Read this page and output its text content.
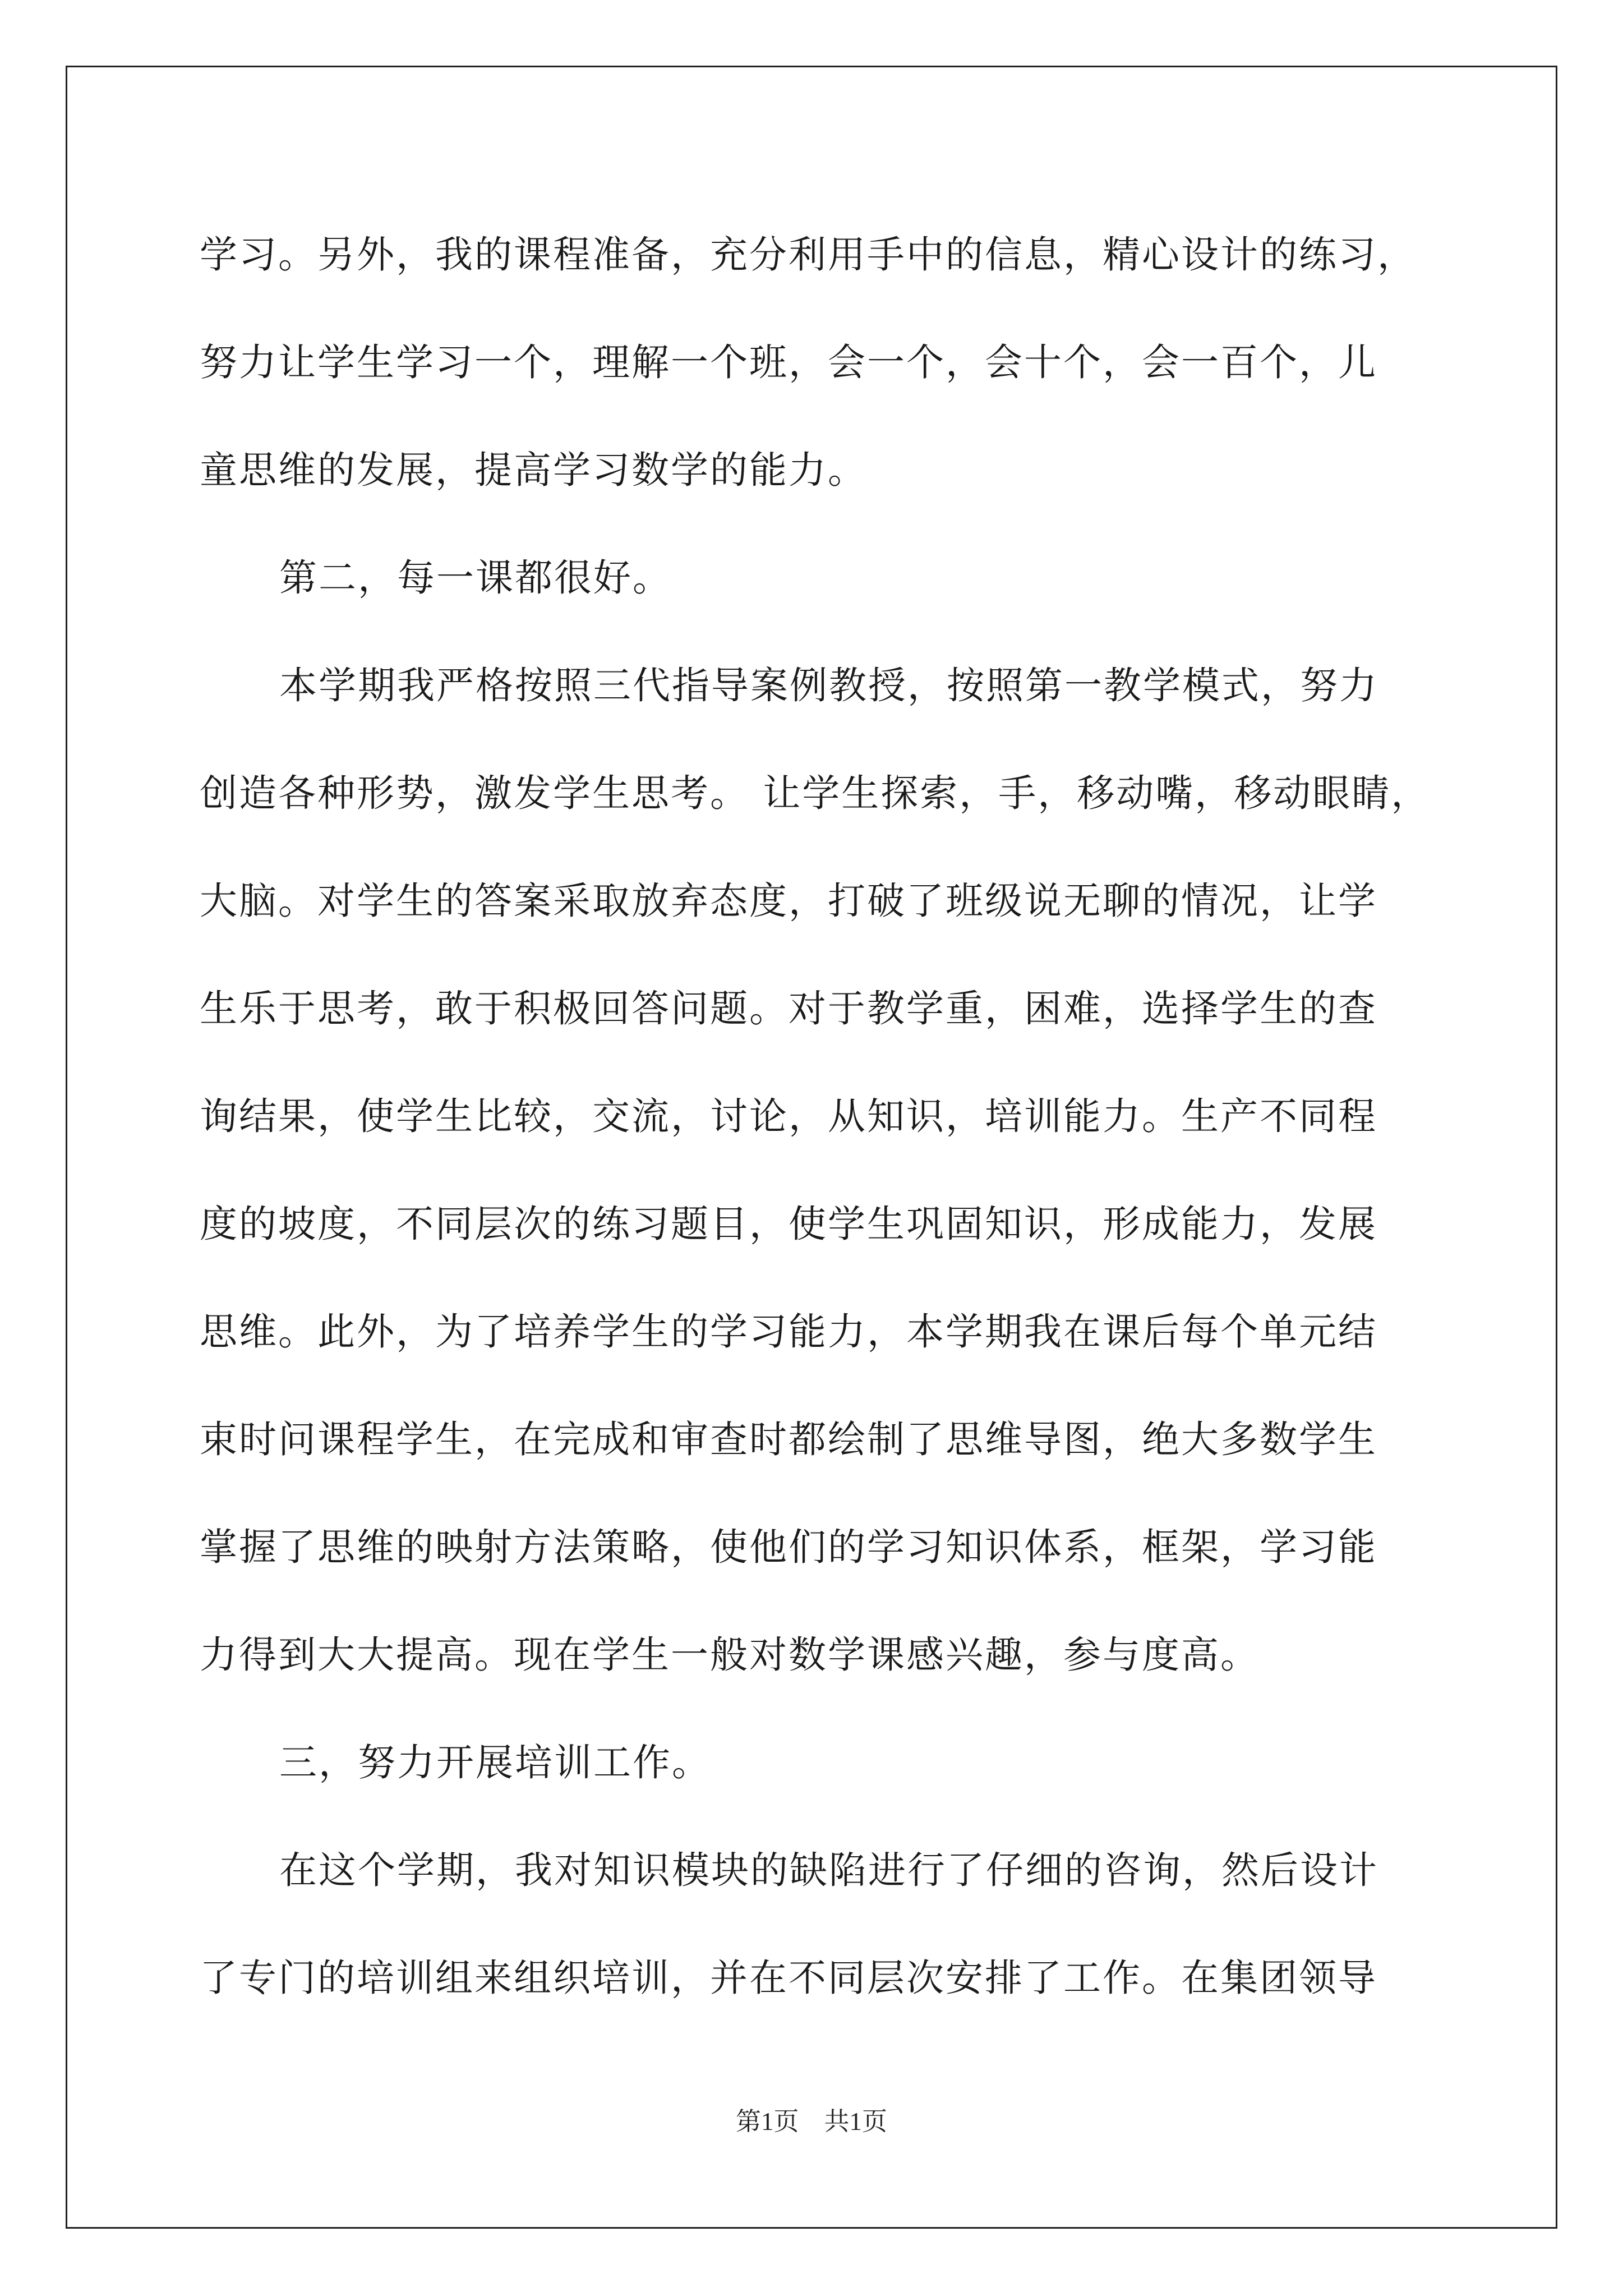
学习。另外，我的课程准备，充分利用手中的信息，精心设计的练习，
努力让学生学习一个，理解一个班，会一个，会十个，会一百个，儿
童思维的发展，提高学习数学的能力。
第二，每一课都很好。
本学期我严格按照三代指导案例教授，按照第一教学模式，努力
创造各种形势，激发学生思考。 让学生探索，手，移动嘴，移动眼睛，
大脑。对学生的答案采取放弃态度，打破了班级说无聊的情况，让学
生乐于思考，敢于积极回答问题。对于教学重，困难，选择学生的查
询结果，使学生比较，交流，讨论，从知识，培训能力。生产不同程
度的坡度，不同层次的练习题目，使学生巩固知识，形成能力，发展
思维。此外，为了培养学生的学习能力，本学期我在课后每个单元结
束时问课程学生，在完成和审查时都绘制了思维导图，绝大多数学生
掌握了思维的映射方法策略，使他们的学习知识体系，框架，学习能
力得到大大提高。现在学生一般对数学课感兴趣，参与度高。
三，努力开展培训工作。
在这个学期，我对知识模块的缺陷进行了仔细的咨询，然后设计
了专门的培训组来组织培训，并在不同层次安排了工作。在集团领导
第1页　共1页
